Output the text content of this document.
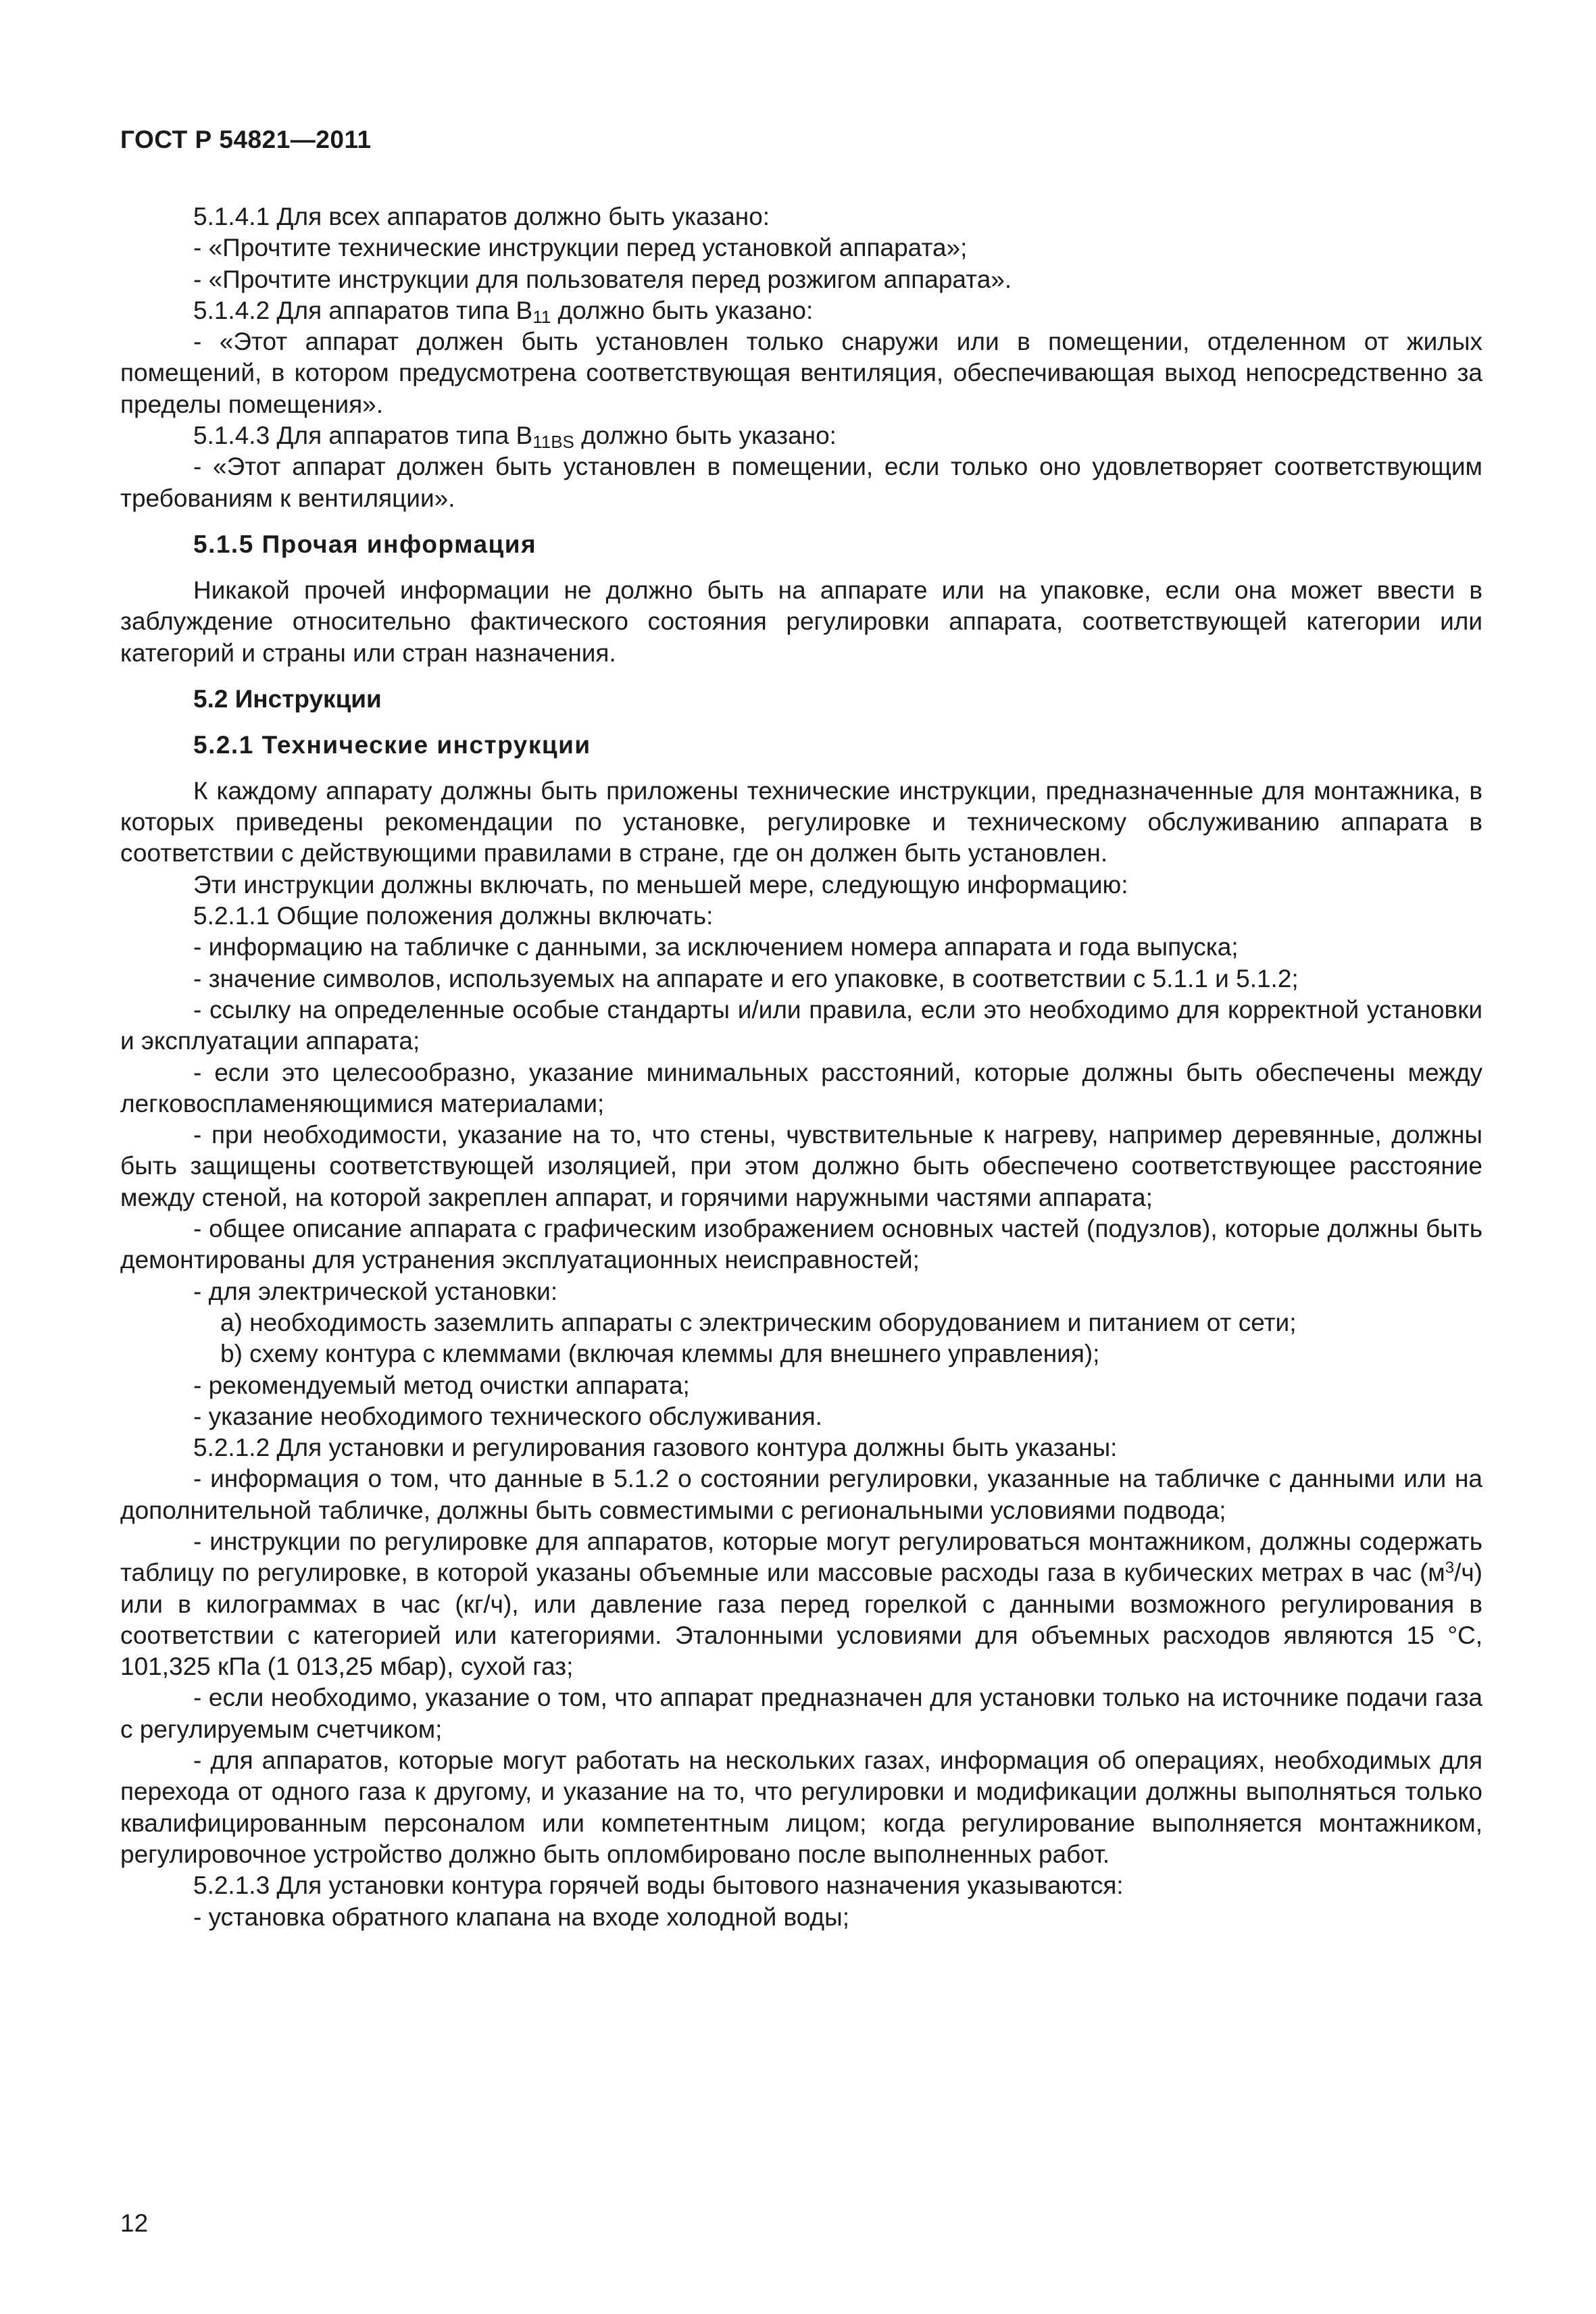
ГОСТ Р 54821—2011

5.1.4.1 Для всех аппаратов должно быть указано:

- «Прочтите технические инструкции перед установкой аппарата»;

- «Прочтите инструкции для пользователя перед розжигом аппарата».

5.1.4.2 Для аппаратов типа $B_{11}$ должно быть указано:

- «Этот аппарат должен быть установлен только снаружи или в помещении, отделенном от жилых помещений, в котором предусмотрена соответствующая вентиляция, обеспечивающая выход непосредственно за пределы помещения».

5.1.4.3 Для аппаратов типа $B_{11BS}$ должно быть указано:

- «Этот аппарат должен быть установлен в помещении, если только оно удовлетворяет соответствующим требованиям к вентиляции».

5.1.5 Прочая информация

Никакой прочей информации не должно быть на аппарате или на упаковке, если она может ввести в заблуждение относительно фактического состояния регулировки аппарата, соответствующей категории или категорий и страны или стран назначения.

5.2 Инструкции

5.2.1 Технические инструкции

К каждому аппарату должны быть приложены технические инструкции, предназначенные для монтажника, в которых приведены рекомендации по установке, регулировке и техническому обслуживанию аппарата в соответствии с действующими правилами в стране, где он должен быть установлен.

Эти инструкции должны включать, по меньшей мере, следующую информацию:

5.2.1.1 Общие положения должны включать:

- информацию на табличке с данными, за исключением номера аппарата и года выпуска;

- значение символов, используемых на аппарате и его упаковке, в соответствии с 5.1.1 и 5.1.2;

- ссылку на определенные особые стандарты и/или правила, если это необходимо для корректной установки и эксплуатации аппарата;

- если это целесообразно, указание минимальных расстояний, которые должны быть обеспечены между легковоспламеняющимися материалами;

- при необходимости, указание на то, что стены, чувствительные к нагреву, например деревянные, должны быть защищены соответствующей изоляцией, при этом должно быть обеспечено соответствующее расстояние между стеной, на которой закреплен аппарат, и горячими наружными частями аппарата;

- общее описание аппарата с графическим изображением основных частей (подузлов), которые должны быть демонтированы для устранения эксплуатационных неисправностей;

- для электрической установки:

a) необходимость заземлить аппараты с электрическим оборудованием и питанием от сети;

b) схему контура с клеммами (включая клеммы для внешнего управления);

- рекомендуемый метод очистки аппарата;

- указание необходимого технического обслуживания.

5.2.1.2 Для установки и регулирования газового контура должны быть указаны:

- информация о том, что данные в 5.1.2 о состоянии регулировки, указанные на табличке с данными или на дополнительной табличке, должны быть совместимыми с региональными условиями подвода;

- инструкции по регулировке для аппаратов, которые могут регулироваться монтажником, должны содержать таблицу по регулировке, в которой указаны объемные или массовые расходы газа в кубических метрах в час $(м^3/ч)$ или в килограммах в час (кг/ч), или давление газа перед горелкой с данными возможного регулирования в соответствии с категорией или категориями. Эталонными условиями для объемных расходов являются 15 °С, 101,325 кПа (1 013,25 мбар), сухой газ;

- если необходимо, указание о том, что аппарат предназначен для установки только на источнике подачи газа с регулируемым счетчиком;

- для аппаратов, которые могут работать на нескольких газах, информация об операциях, необходимых для перехода от одного газа к другому, и указание на то, что регулировки и модификации должны выполняться только квалифицированным персоналом или компетентным лицом; когда регулирование выполняется монтажником, регулировочное устройство должно быть опломбировано после выполненных работ.

5.2.1.3 Для установки контура горячей воды бытового назначения указываются:

- установка обратного клапана на входе холодной воды;

12
